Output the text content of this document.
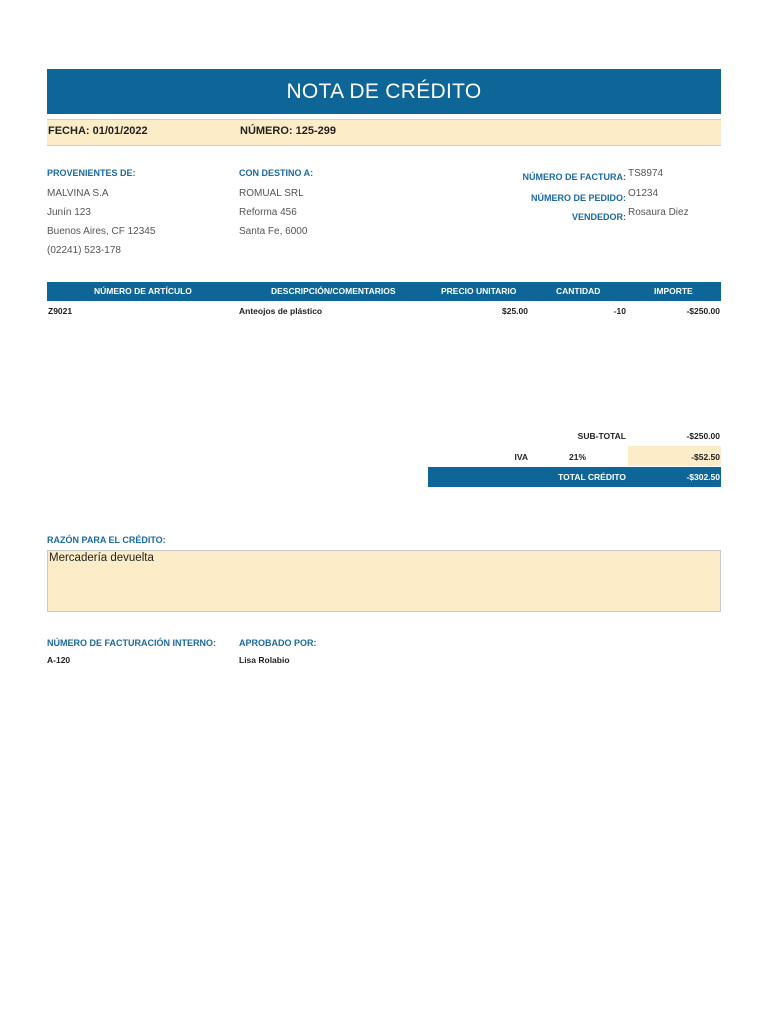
NOTA DE CRÉDITO
FECHA: 01/01/2022	NÚMERO: 125-299
PROVENIENTES DE:
MALVINA S.A
Junín 123
Buenos Aires, CF 12345
(02241) 523-178
CON DESTINO A:
ROMUAL SRL
Reforma 456
Santa Fe, 6000
NÚMERO DE FACTURA: TS8974
NÚMERO DE PEDIDO: O1234
VENDEDOR: Rosaura Diez
NÚMERO DE ARTÍCULO	DESCRIPCIÓN/COMENTARIOS	PRECIO UNITARIO	CANTIDAD	IMPORTE
Z9021	Anteojos de plástico	$25.00	-10	-$250.00
SUB-TOTAL	-$250.00
IVA	21%	-$52.50
TOTAL CRÉDITO	-$302.50
RAZÓN PARA EL CRÉDITO:
Mercadería devuelta
NÚMERO DE FACTURACIÓN INTERNO:
A-120
APROBADO POR:
Lisa Rolabio
